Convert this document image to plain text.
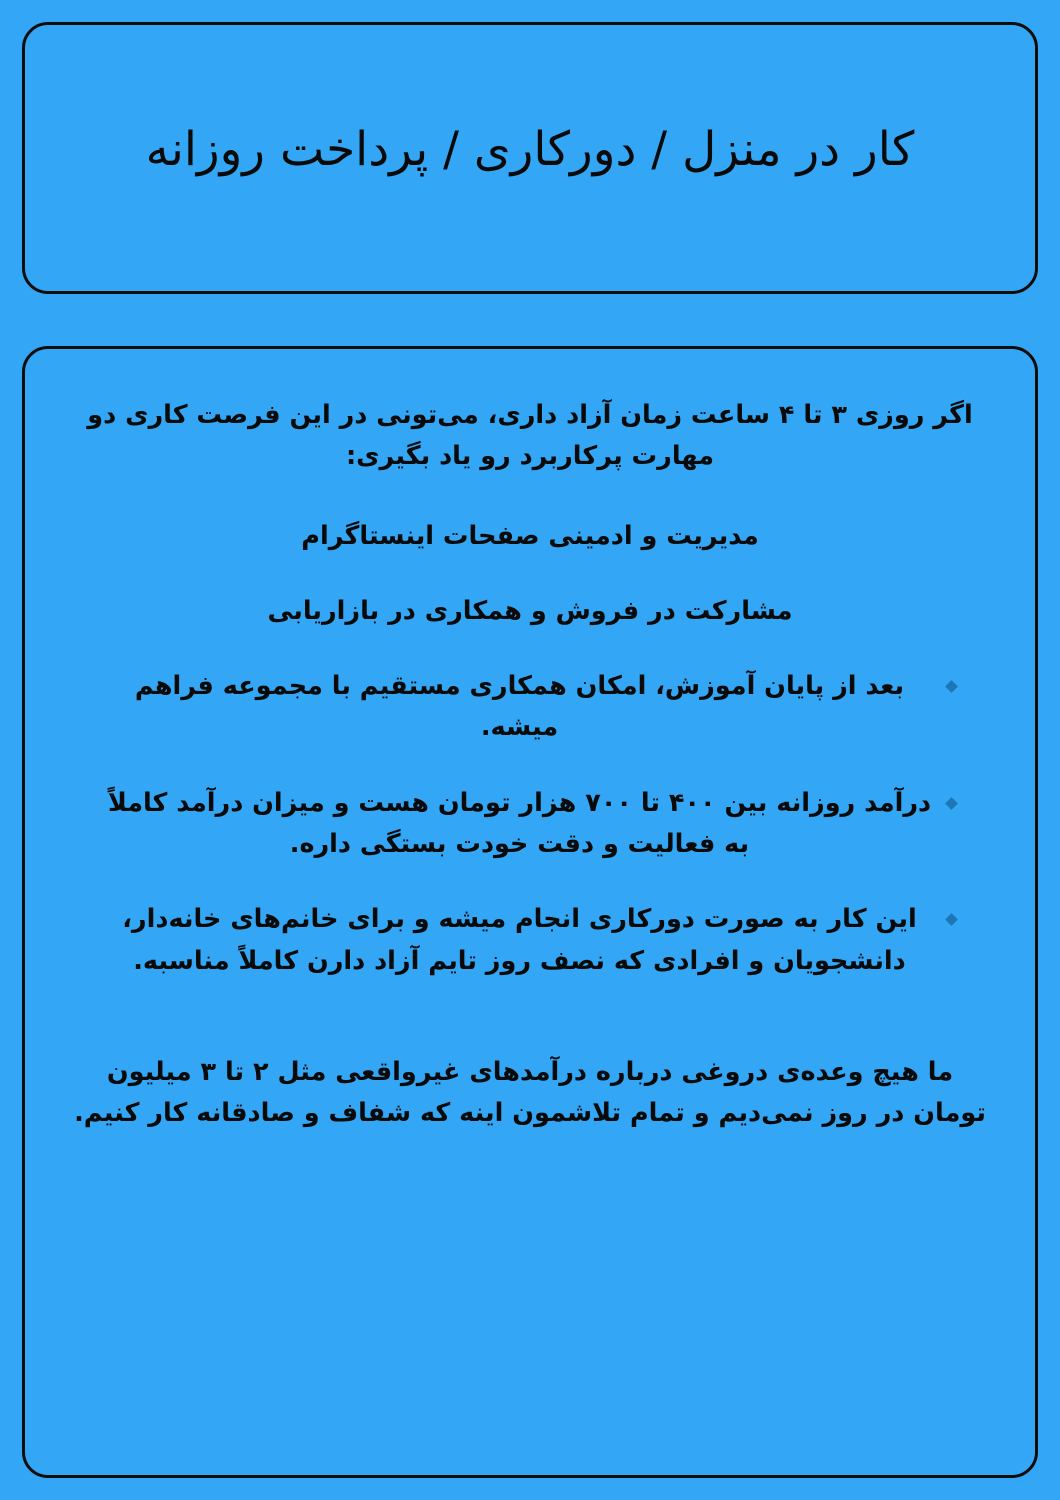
کار در منزل / دورکاری / پرداخت روزانه

اگر روزی ۳ تا ۴ ساعت زمان آزاد داری، می‌تونی در این فرصت کاری دو مهارت پرکاربرد رو یاد بگیری:

مدیریت و ادمینی صفحات اینستاگرام

مشارکت در فروش و همکاری در بازاریابی

بعد از پایان آموزش، امکان همکاری مستقیم با مجموعه فراهم میشه.
درآمد روزانه بین ۴۰۰ تا ۷۰۰ هزار تومان هست و میزان درآمد کاملاً به فعالیت و دقت خودت بستگی داره.
این کار به صورت دورکاری انجام میشه و برای خانم‌های خانه‌دار، دانشجویان و افرادی که نصف روز تایم آزاد دارن کاملاً مناسبه.

ما هیچ وعده‌ی دروغی درباره درآمدهای غیرواقعی مثل ۲ تا ۳ میلیون تومان در روز نمی‌دیم و تمام تلاشمون اینه که شفاف و صادقانه کار کنیم.
